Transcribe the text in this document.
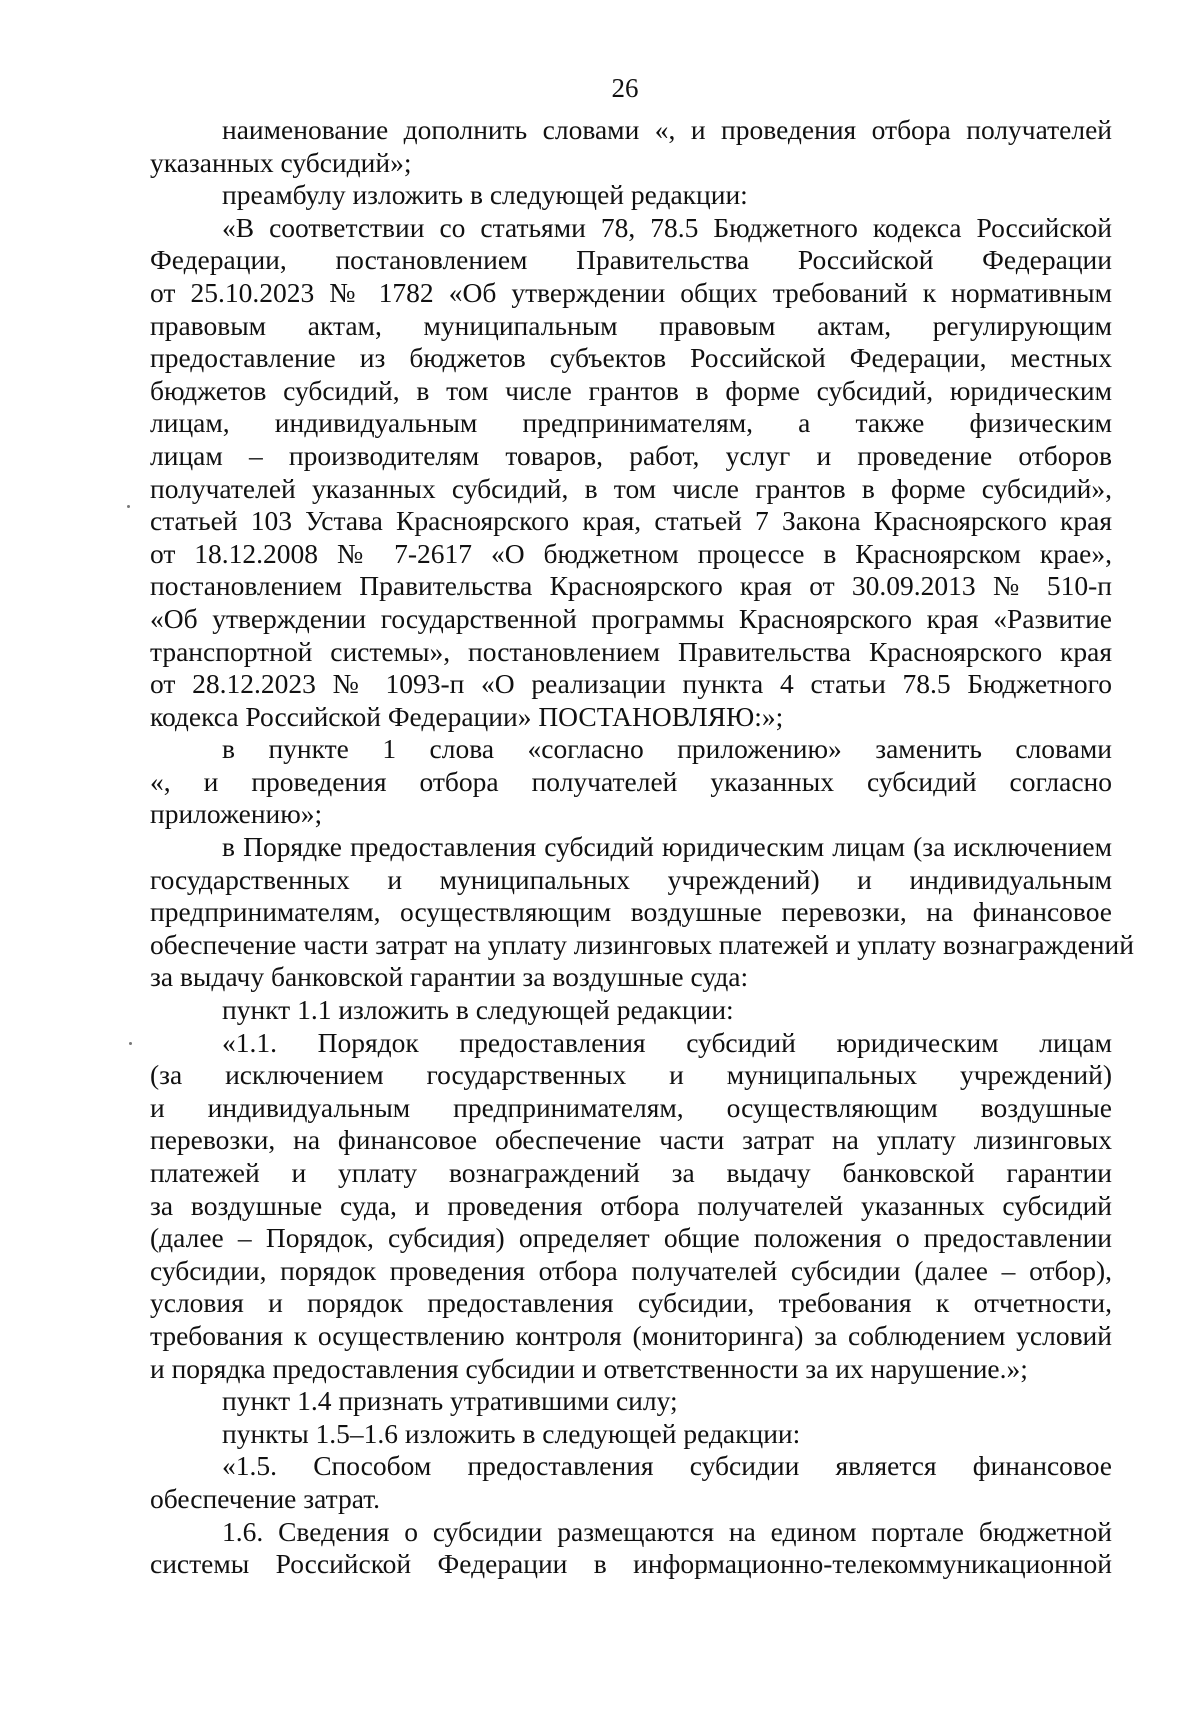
26
наименование дополнить словами «, и проведения отбора получателей
указанных субсидий»;
преамбулу изложить в следующей редакции:
«В соответствии со статьями 78, 78.5 Бюджетного кодекса Российской
Федерации, постановлением Правительства Российской Федерации
от 25.10.2023 № 1782 «Об утверждении общих требований к нормативным
правовым актам, муниципальным правовым актам, регулирующим
предоставление из бюджетов субъектов Российской Федерации, местных
бюджетов субсидий, в том числе грантов в форме субсидий, юридическим
лицам, индивидуальным предпринимателям, а также физическим
лицам – производителям товаров, работ, услуг и проведение отборов
получателей указанных субсидий, в том числе грантов в форме субсидий»,
статьей 103 Устава Красноярского края, статьей 7 Закона Красноярского края
от 18.12.2008 № 7-2617 «О бюджетном процессе в Красноярском крае»,
постановлением Правительства Красноярского края от 30.09.2013 № 510-п
«Об утверждении государственной программы Красноярского края «Развитие
транспортной системы», постановлением Правительства Красноярского края
от 28.12.2023 № 1093-п «О реализации пункта 4 статьи 78.5 Бюджетного
кодекса Российской Федерации» ПОСТАНОВЛЯЮ:»;
в пункте 1 слова «согласно приложению» заменить словами
«, и проведения отбора получателей указанных субсидий согласно
приложению»;
в Порядке предоставления субсидий юридическим лицам (за исключением
государственных и муниципальных учреждений) и индивидуальным
предпринимателям, осуществляющим воздушные перевозки, на финансовое
обеспечение части затрат на уплату лизинговых платежей и уплату вознаграждений
за выдачу банковской гарантии за воздушные суда:
пункт 1.1 изложить в следующей редакции:
«1.1. Порядок предоставления субсидий юридическим лицам
(за исключением государственных и муниципальных учреждений)
и индивидуальным предпринимателям, осуществляющим воздушные
перевозки, на финансовое обеспечение части затрат на уплату лизинговых
платежей и уплату вознаграждений за выдачу банковской гарантии
за воздушные суда, и проведения отбора получателей указанных субсидий
(далее – Порядок, субсидия) определяет общие положения о предоставлении
субсидии, порядок проведения отбора получателей субсидии (далее – отбор),
условия и порядок предоставления субсидии, требования к отчетности,
требования к осуществлению контроля (мониторинга) за соблюдением условий
и порядка предоставления субсидии и ответственности за их нарушение.»;
пункт 1.4 признать утратившими силу;
пункты 1.5–1.6 изложить в следующей редакции:
«1.5. Способом предоставления субсидии является финансовое
обеспечение затрат.
1.6. Сведения о субсидии размещаются на едином портале бюджетной
системы Российской Федерации в информационно-телекоммуникационной
